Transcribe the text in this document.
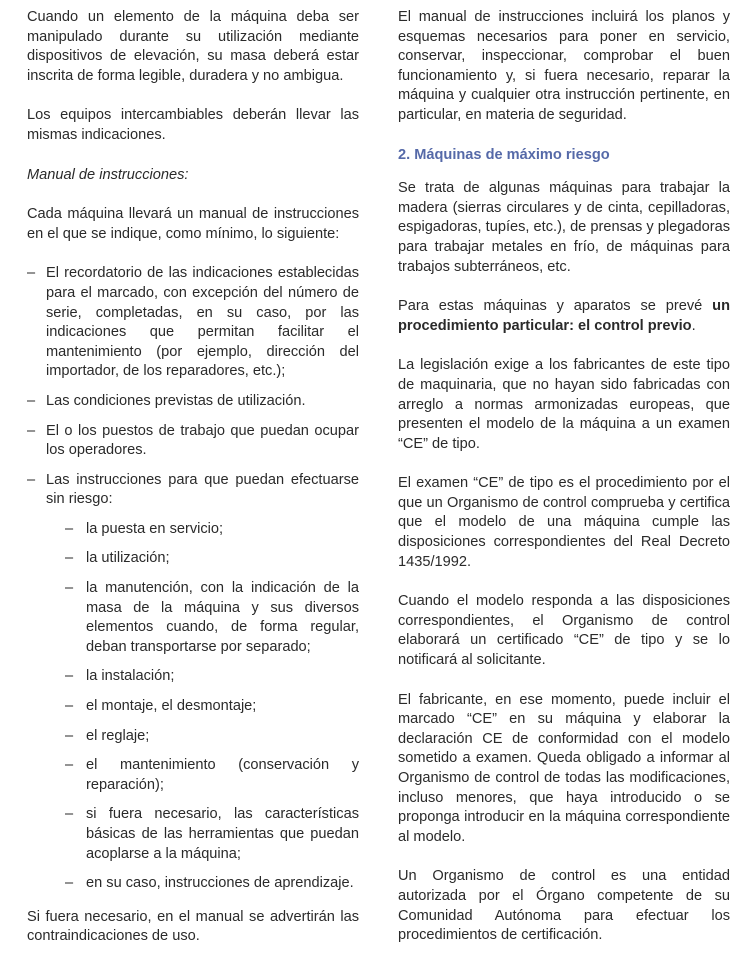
Cuando un elemento de la máquina deba ser manipulado durante su utilización mediante dispositivos de elevación, su masa deberá estar inscrita de forma legible, duradera y no ambigua.

Los equipos intercambiables deberán llevar las mismas indicaciones.

Manual de instrucciones:

Cada máquina llevará un manual de instrucciones en el que se indique, como mínimo, lo siguiente:

– El recordatorio de las indicaciones establecidas para el marcado, con excepción del número de serie, completadas, en su caso, por las indicaciones que permitan facilitar el mantenimiento (por ejemplo, dirección del importador, de los reparadores, etc.);
– Las condiciones previstas de utilización.
– El o los puestos de trabajo que puedan ocupar los operadores.
– Las instrucciones para que puedan efectuarse sin riesgo:
– la puesta en servicio;
– la utilización;
– la manutención, con la indicación de la masa de la máquina y sus diversos elementos cuando, de forma regular, deban transportarse por separado;
– la instalación;
– el montaje, el desmontaje;
– el reglaje;
– el mantenimiento (conservación y reparación);
– si fuera necesario, las características básicas de las herramientas que puedan acoplarse a la máquina;
– en su caso, instrucciones de aprendizaje.

Si fuera necesario, en el manual se advertirán las contraindicaciones de uso.

El manual de instrucciones incluirá los planos y esquemas necesarios para poner en servicio, conservar, inspeccionar, comprobar el buen funcionamiento y, si fuera necesario, reparar la máquina y cualquier otra instrucción pertinente, en particular, en materia de seguridad.

2. Máquinas de máximo riesgo

Se trata de algunas máquinas para trabajar la madera (sierras circulares y de cinta, cepilladoras, espigadoras, tupíes, etc.), de prensas y plegadoras para trabajar metales en frío, de máquinas para trabajos subterráneos, etc.

Para estas máquinas y aparatos se prevé un procedimiento particular: el control previo.

La legislación exige a los fabricantes de este tipo de maquinaria, que no hayan sido fabricadas con arreglo a normas armonizadas europeas, que presenten el modelo de la máquina a un examen “CE” de tipo.

El examen “CE” de tipo es el procedimiento por el que un Organismo de control comprueba y certifica que el modelo de una máquina cumple las disposiciones correspondientes del Real Decreto 1435/1992.

Cuando el modelo responda a las disposiciones correspondientes, el Organismo de control elaborará un certificado “CE” de tipo y se lo notificará al solicitante.

El fabricante, en ese momento, puede incluir el marcado “CE” en su máquina y elaborar la declaración CE de conformidad con el modelo sometido a examen. Queda obligado a informar al Organismo de control de todas las modificaciones, incluso menores, que haya introducido o se proponga introducir en la máquina correspondiente al modelo.

Un Organismo de control es una entidad autorizada por el Órgano competente de su Comunidad Autónoma para efectuar los procedimientos de certificación.
